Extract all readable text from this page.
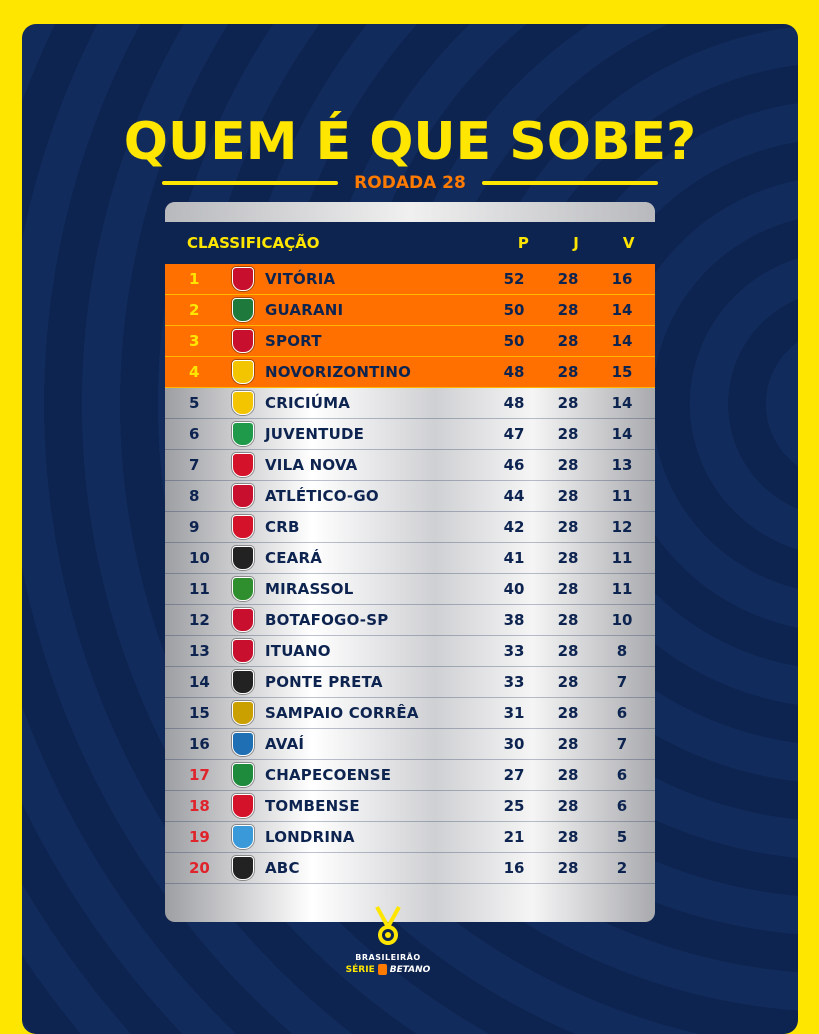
QUEM É QUE SOBE?
RODADA 28
CLASSIFICAÇÃO	P	J	V
1	VITÓRIA	52	28	16
2	GUARANI	50	28	14
3	SPORT	50	28	14
4	NOVORIZONTINO	48	28	15
5	CRICIÚMA	48	28	14
6	JUVENTUDE	47	28	14
7	VILA NOVA	46	28	13
8	ATLÉTICO-GO	44	28	11
9	CRB	42	28	12
10	CEARÁ	41	28	11
11	MIRASSOL	40	28	11
12	BOTAFOGO-SP	38	28	10
13	ITUANO	33	28	8
14	PONTE PRETA	33	28	7
15	SAMPAIO CORRÊA	31	28	6
16	AVAÍ	30	28	7
17	CHAPECOENSE	27	28	6
18	TOMBENSE	25	28	6
19	LONDRINA	21	28	5
20	ABC	16	28	2
BRASILEIRÃO
SÉRIE BETANO
